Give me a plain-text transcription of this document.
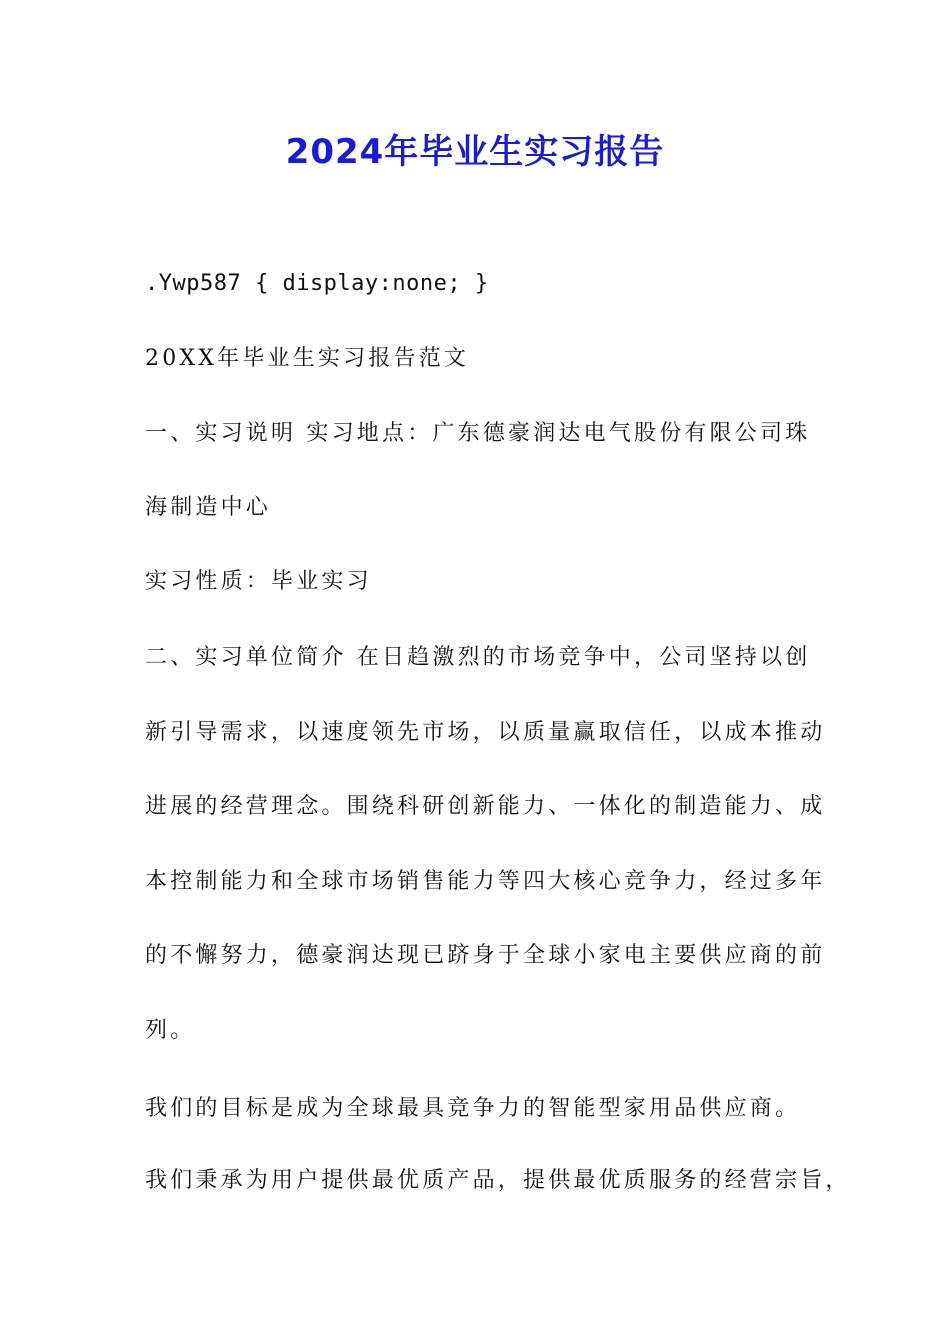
2024年毕业生实习报告
.Ywp587 { display:none; }
20XX年毕业生实习报告范文
一、实习说明 实习地点：广东德豪润达电气股份有限公司珠
海制造中心
实习性质：毕业实习
二、实习单位简介 在日趋激烈的市场竞争中，公司坚持以创
新引导需求，以速度领先市场，以质量赢取信任，以成本推动
进展的经营理念。围绕科研创新能力、一体化的制造能力、成
本控制能力和全球市场销售能力等四大核心竞争力，经过多年
的不懈努力，德豪润达现已跻身于全球小家电主要供应商的前
列。
我们的目标是成为全球最具竞争力的智能型家用品供应商。
我们秉承为用户提供最优质产品，提供最优质服务的经营宗旨，
